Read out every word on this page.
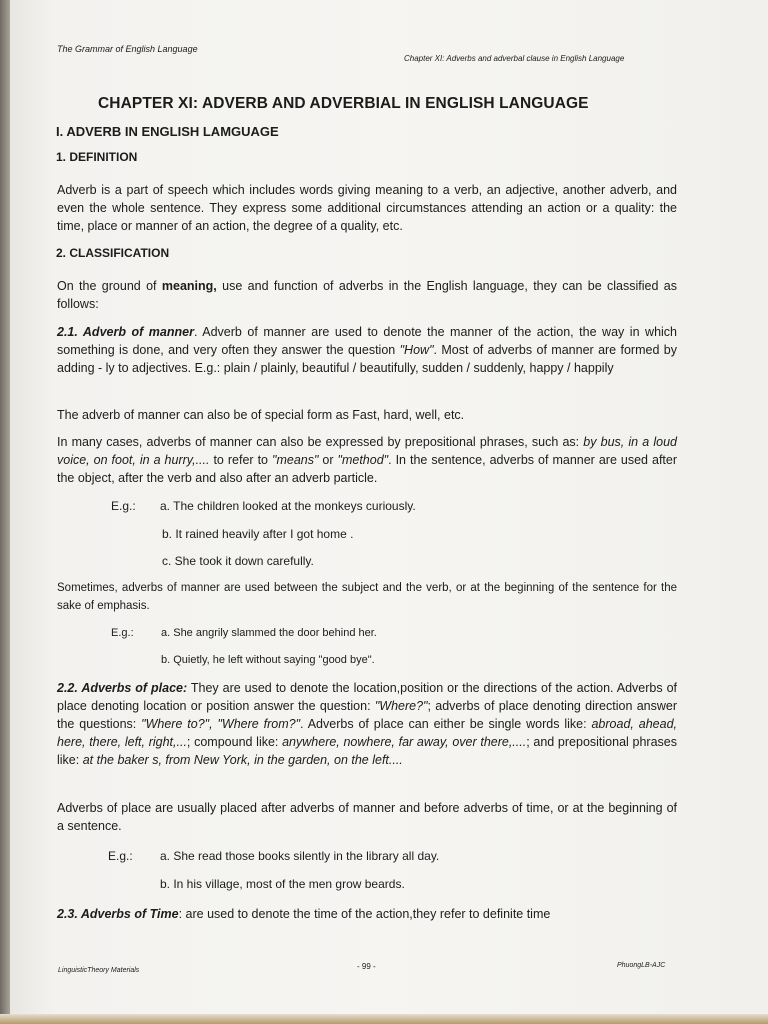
The Grammar of English Language
Chapter XI: Adverbs and adverbal clause in English Language
CHAPTER XI: ADVERB AND ADVERBIAL IN ENGLISH LANGUAGE
I. ADVERB IN ENGLISH LAMGUAGE
1. DEFINITION
Adverb is a part of speech which includes words giving meaning to a verb, an adjective, another adverb, and even the whole sentence. They express some additional circumstances attending an action or a quality: the time, place or manner of an action, the degree of a quality, etc.
2. CLASSIFICATION
On the ground of meaning, use and function of adverbs in the English language, they can be classified as follows:
2.1. Adverb of manner. Adverb of manner are used to denote the manner of the action, the way in which something is done, and very often they answer the question "How". Most of adverbs of manner are formed by adding - ly to adjectives. E.g.: plain / plainly, beautiful / beautifully, sudden / suddenly, happy / happily
The adverb of manner can also be of special form as Fast, hard, well, etc.
In many cases, adverbs of manner can also be expressed by prepositional phrases, such as: by bus, in a loud voice, on foot, in a hurry,.... to refer to "means" or "method". In the sentence, adverbs of manner are used after the object, after the verb and also after an adverb particle.
E.g.: a. The children looked at the monkeys curiously.
b. It rained heavily after I got home .
c. She took it down carefully.
Sometimes, adverbs of manner are used between the subject and the verb, or at the beginning of the sentence for the sake of emphasis.
E.g.: a. She angrily slammed the door behind her.
b. Quietly, he left without saying "good bye".
2.2. Adverbs of place: They are used to denote the location,position or the directions of the action. Adverbs of place denoting location or position answer the question: "Where?"; adverbs of place denoting direction answer the questions: "Where to?", "Where from?". Adverbs of place can either be single words like: abroad, ahead, here, there, left, right,...; compound like: anywhere, nowhere, far away, over there,....; and prepositional phrases like: at the baker s, from New York, in the garden, on the left....
Adverbs of place are usually placed after adverbs of manner and before adverbs of time, or at the beginning of a sentence.
E.g.: a. She read those books silently in the library all day.
b. In his village, most of the men grow beards.
2.3. Adverbs of Time: are used to denote the time of the action,they refer to definite time
LinguisticTheory Materials	- 99 -	PhuongLB-AJC
